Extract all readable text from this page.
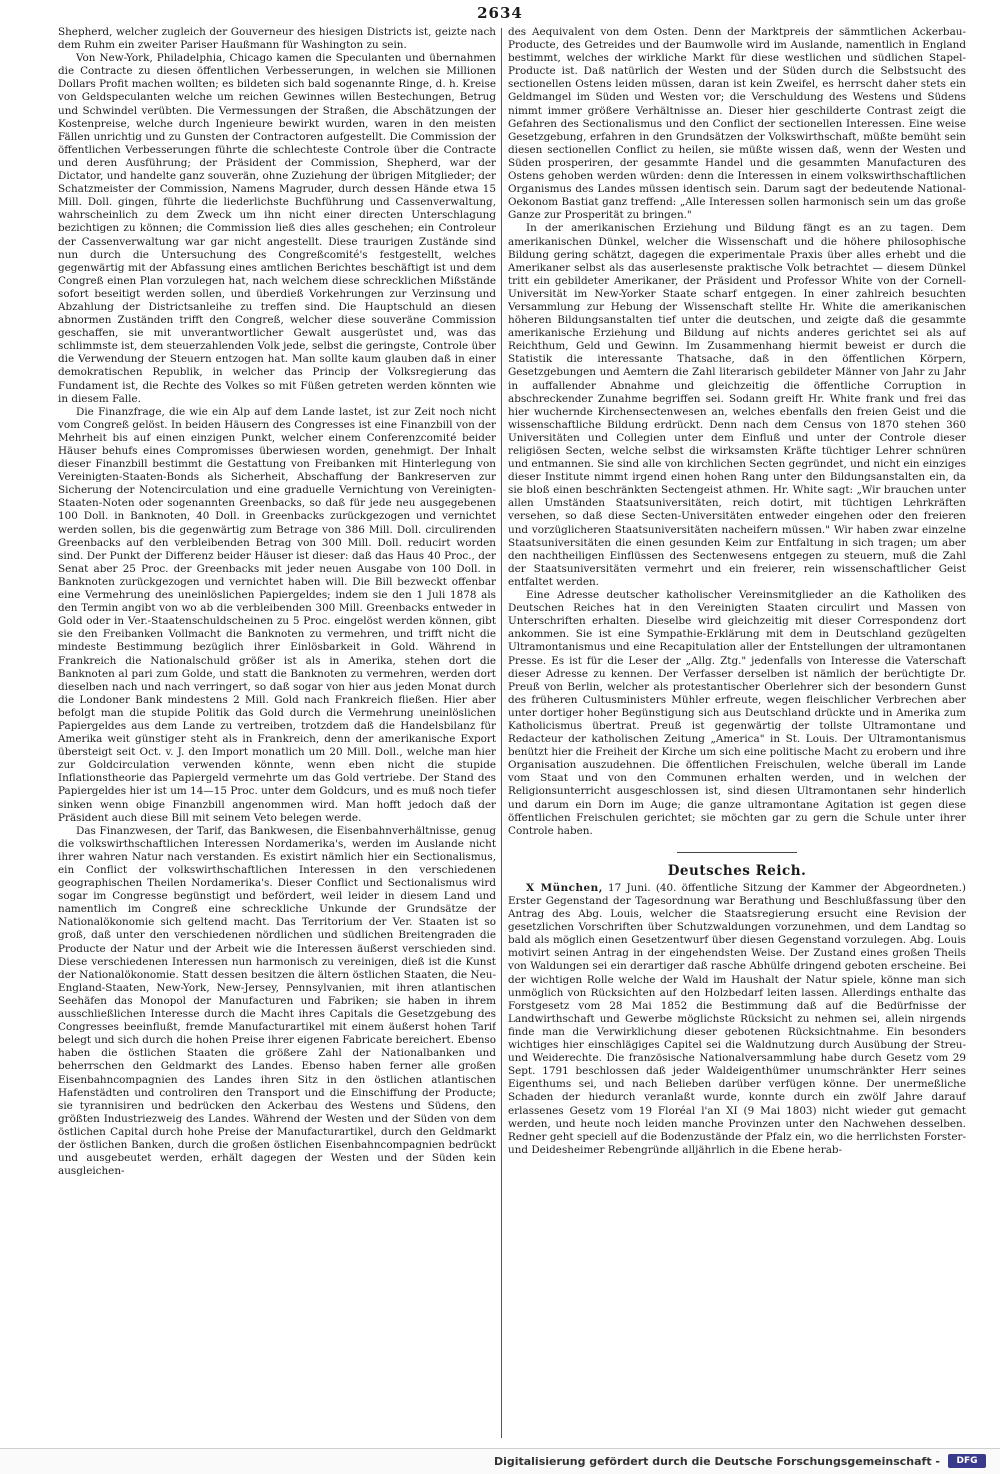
2634

Shepherd, welcher zugleich der Gouverneur des hiesigen Districts ist, geizte nach dem Ruhm ein zweiter Pariser Haußmann für Washington zu sein.

Von New-York, Philadelphia, Chicago kamen die Speculanten und übernahmen die Contracte zu diesen öffentlichen Verbesserungen, in welchen sie Millionen Dollars Profit machen wollten; es bildeten sich bald sogenannte Ringe, d. h. Kreise von Geldspeculanten welche um reichen Gewinnes willen Bestechungen, Betrug und Schwindel verübten. Die Vermessungen der Straßen, die Abschätzungen der Kostenpreise, welche durch Ingenieure bewirkt wurden, waren in den meisten Fällen unrichtig und zu Gunsten der Contractoren aufgestellt. Die Commission der öffentlichen Verbesserungen führte die schlechteste Controle über die Contracte und deren Ausführung; der Präsident der Commission, Shepherd, war der Dictator, und handelte ganz souverän, ohne Zuziehung der übrigen Mitglieder; der Schatzmeister der Commission, Namens Magruder, durch dessen Hände etwa 15 Mill. Doll. gingen, führte die liederlichste Buchführung und Cassenverwaltung, wahrscheinlich zu dem Zweck um ihn nicht einer directen Unterschlagung bezichtigen zu können; die Commission ließ dies alles geschehen; ein Controleur der Cassenverwaltung war gar nicht angestellt. Diese traurigen Zustände sind nun durch die Untersuchung des Congreßcomité's festgestellt, welches gegenwärtig mit der Abfassung eines amtlichen Berichtes beschäftigt ist und dem Congreß einen Plan vorzulegen hat, nach welchem diese schrecklichen Mißstände sofort beseitigt werden sollen, und überdieß Vorkehrungen zur Verzinsung und Abzahlung der Districtsanleihe zu treffen sind. Die Hauptschuld an diesen abnormen Zuständen trifft den Congreß, welcher diese souveräne Commission geschaffen, sie mit unverantwortlicher Gewalt ausgerüstet und, was das schlimmste ist, dem steuerzahlenden Volk jede, selbst die geringste, Controle über die Verwendung der Steuern entzogen hat. Man sollte kaum glauben daß in einer demokratischen Republik, in welcher das Princip der Volksregierung das Fundament ist, die Rechte des Volkes so mit Füßen getreten werden könnten wie in diesem Falle.

Die Finanzfrage, die wie ein Alp auf dem Lande lastet, ist zur Zeit noch nicht vom Congreß gelöst. In beiden Häusern des Congresses ist eine Finanzbill von der Mehrheit bis auf einen einzigen Punkt, welcher einem Conferenzcomité beider Häuser behufs eines Compromisses überwiesen worden, genehmigt. Der Inhalt dieser Finanzbill bestimmt die Gestattung von Freibanken mit Hinterlegung von Vereinigten-Staaten-Bonds als Sicherheit, Abschaffung der Bankreserven zur Sicherung der Notencirculation und eine graduelle Vernichtung von Vereinigten-Staaten-Noten oder sogenannten Greenbacks, so daß für jede neu ausgegebenen 100 Doll. in Banknoten, 40 Doll. in Greenbacks zurückgezogen und vernichtet werden sollen, bis die gegenwärtig zum Betrage von 386 Mill. Doll. circulirenden Greenbacks auf den verbleibenden Betrag von 300 Mill. Doll. reducirt worden sind. Der Punkt der Differenz beider Häuser ist dieser: daß das Haus 40 Proc., der Senat aber 25 Proc. der Greenbacks mit jeder neuen Ausgabe von 100 Doll. in Banknoten zurückgezogen und vernichtet haben will. Die Bill bezweckt offenbar eine Vermehrung des uneinlöslichen Papiergeldes; indem sie den 1 Juli 1878 als den Termin angibt von wo ab die verbleibenden 300 Mill. Greenbacks entweder in Gold oder in Ver.-Staatenschuldscheinen zu 5 Proc. eingelöst werden können, gibt sie den Freibanken Vollmacht die Banknoten zu vermehren, und trifft nicht die mindeste Bestimmung bezüglich ihrer Einlösbarkeit in Gold. Während in Frankreich die Nationalschuld größer ist als in Amerika, stehen dort die Banknoten al pari zum Golde, und statt die Banknoten zu vermehren, werden dort dieselben nach und nach verringert, so daß sogar von hier aus jeden Monat durch die Londoner Bank mindestens 2 Mill. Gold nach Frankreich fließen. Hier aber befolgt man die stupide Politik das Gold durch die Vermehrung uneinlöslichen Papiergeldes aus dem Lande zu vertreiben, trotzdem daß die Handelsbilanz für Amerika weit günstiger steht als in Frankreich, denn der amerikanische Export übersteigt seit Oct. v. J. den Import monatlich um 20 Mill. Doll., welche man hier zur Goldcirculation verwenden könnte, wenn eben nicht die stupide Inflationstheorie das Papiergeld vermehrte um das Gold vertriebe. Der Stand des Papiergeldes hier ist um 14—15 Proc. unter dem Goldcurs, und es muß noch tiefer sinken wenn obige Finanzbill angenommen wird. Man hofft jedoch daß der Präsident auch diese Bill mit seinem Veto belegen werde.

Das Finanzwesen, der Tarif, das Bankwesen, die Eisenbahnverhältnisse, genug die volkswirthschaftlichen Interessen Nordamerika's, werden im Auslande nicht ihrer wahren Natur nach verstanden. Es existirt nämlich hier ein Sectionalismus, ein Conflict der volkswirthschaftlichen Interessen in den verschiedenen geographischen Theilen Nordamerika's. Dieser Conflict und Sectionalismus wird sogar im Congresse begünstigt und befördert, weil leider in diesem Land und namentlich im Congreß eine schreckliche Unkunde der Grundsätze der Nationalökonomie sich geltend macht. Das Territorium der Ver. Staaten ist so groß, daß unter den verschiedenen nördlichen und südlichen Breitengraden die Producte der Natur und der Arbeit wie die Interessen äußerst verschieden sind. Diese verschiedenen Interessen nun harmonisch zu vereinigen, dieß ist die Kunst der Nationalökonomie. Statt dessen besitzen die ältern östlichen Staaten, die Neu-England-Staaten, New-York, New-Jersey, Pennsylvanien, mit ihren atlantischen Seehäfen das Monopol der Manufacturen und Fabriken; sie haben in ihrem ausschließlichen Interesse durch die Macht ihres Capitals die Gesetzgebung des Congresses beeinflußt, fremde Manufacturartikel mit einem äußerst hohen Tarif belegt und sich durch die hohen Preise ihrer eigenen Fabricate bereichert. Ebenso haben die östlichen Staaten die größere Zahl der Nationalbanken und beherrschen den Geldmarkt des Landes. Ebenso haben ferner alle großen Eisenbahncompagnien des Landes ihren Sitz in den östlichen atlantischen Hafenstädten und controliren den Transport und die Einschiffung der Producte; sie tyrannisiren und bedrücken den Ackerbau des Westens und Südens, den größten Industriezweig des Landes. Während der Westen und der Süden von dem östlichen Capital durch hohe Preise der Manufacturartikel, durch den Geldmarkt der östlichen Banken, durch die großen östlichen Eisenbahncompagnien bedrückt und ausgebeutet werden, erhält dagegen der Westen und der Süden kein ausgleichen-

des Aequivalent von dem Osten. Denn der Marktpreis der sämmtlichen Ackerbau-Producte, des Getreides und der Baumwolle wird im Auslande, namentlich in England bestimmt, welches der wirkliche Markt für diese westlichen und südlichen Stapel-Producte ist. Daß natürlich der Westen und der Süden durch die Selbstsucht des sectionellen Ostens leiden müssen, daran ist kein Zweifel, es herrscht daher stets ein Geldmangel im Süden und Westen vor; die Verschuldung des Westens und Südens nimmt immer größere Verhältnisse an. Dieser hier geschilderte Contrast zeigt die Gefahren des Sectionalismus und den Conflict der sectionellen Interessen. Eine weise Gesetzgebung, erfahren in den Grundsätzen der Volkswirthschaft, müßte bemüht sein diesen sectionellen Conflict zu heilen, sie müßte wissen daß, wenn der Westen und Süden prosperiren, der gesammte Handel und die gesammten Manufacturen des Ostens gehoben werden würden: denn die Interessen in einem volkswirthschaftlichen Organismus des Landes müssen identisch sein. Darum sagt der bedeutende National-Oekonom Bastiat ganz treffend: „Alle Interessen sollen harmonisch sein um das große Ganze zur Prosperität zu bringen."

In der amerikanischen Erziehung und Bildung fängt es an zu tagen. Dem amerikanischen Dünkel, welcher die Wissenschaft und die höhere philosophische Bildung gering schätzt, dagegen die experimentale Praxis über alles erhebt und die Amerikaner selbst als das auserlesenste praktische Volk betrachtet — diesem Dünkel tritt ein gebildeter Amerikaner, der Präsident und Professor White von der Cornell-Universität im New-Yorker Staate scharf entgegen. In einer zahlreich besuchten Versammlung zur Hebung der Wissenschaft stellte Hr. White die amerikanischen höheren Bildungsanstalten tief unter die deutschen, und zeigte daß die gesammte amerikanische Erziehung und Bildung auf nichts anderes gerichtet sei als auf Reichthum, Geld und Gewinn. Im Zusammenhang hiermit beweist er durch die Statistik die interessante Thatsache, daß in den öffentlichen Körpern, Gesetzgebungen und Aemtern die Zahl literarisch gebildeter Männer von Jahr zu Jahr in auffallender Abnahme und gleichzeitig die öffentliche Corruption in abschreckender Zunahme begriffen sei. Sodann greift Hr. White frank und frei das hier wuchernde Kirchensectenwesen an, welches ebenfalls den freien Geist und die wissenschaftliche Bildung erdrückt. Denn nach dem Census von 1870 stehen 360 Universitäten und Collegien unter dem Einfluß und unter der Controle dieser religiösen Secten, welche selbst die wirksamsten Kräfte tüchtiger Lehrer schnüren und entmannen. Sie sind alle von kirchlichen Secten gegründet, und nicht ein einziges dieser Institute nimmt irgend einen hohen Rang unter den Bildungsanstalten ein, da sie bloß einen beschränkten Sectengeist athmen. Hr. White sagt: „Wir brauchen unter allen Umständen Staatsuniversitäten, reich dotirt, mit tüchtigen Lehrkräften versehen, so daß diese Secten-Universitäten entweder eingehen oder den freieren und vorzüglicheren Staatsuniversitäten nacheifern müssen." Wir haben zwar einzelne Staatsuniversitäten die einen gesunden Keim zur Entfaltung in sich tragen; um aber den nachtheiligen Einflüssen des Sectenwesens entgegen zu steuern, muß die Zahl der Staatsuniversitäten vermehrt und ein freierer, rein wissenschaftlicher Geist entfaltet werden.

Eine Adresse deutscher katholischer Vereinsmitglieder an die Katholiken des Deutschen Reiches hat in den Vereinigten Staaten circulirt und Massen von Unterschriften erhalten. Dieselbe wird gleichzeitig mit dieser Correspondenz dort ankommen. Sie ist eine Sympathie-Erklärung mit dem in Deutschland gezügelten Ultramontanismus und eine Recapitulation aller der Entstellungen der ultramontanen Presse. Es ist für die Leser der „Allg. Ztg." jedenfalls von Interesse die Vaterschaft dieser Adresse zu kennen. Der Verfasser derselben ist nämlich der berüchtigte Dr. Preuß von Berlin, welcher als protestantischer Oberlehrer sich der besondern Gunst des früheren Cultusministers Mühler erfreute, wegen fleischlicher Verbrechen aber unter dortiger hoher Begünstigung sich aus Deutschland drückte und in Amerika zum Katholicismus übertrat. Preuß ist gegenwärtig der tollste Ultramontane und Redacteur der katholischen Zeitung „America" in St. Louis. Der Ultramontanismus benützt hier die Freiheit der Kirche um sich eine politische Macht zu erobern und ihre Organisation auszudehnen. Die öffentlichen Freischulen, welche überall im Lande vom Staat und von den Communen erhalten werden, und in welchen der Religionsunterricht ausgeschlossen ist, sind diesen Ultramontanen sehr hinderlich und darum ein Dorn im Auge; die ganze ultramontane Agitation ist gegen diese öffentlichen Freischulen gerichtet; sie möchten gar zu gern die Schule unter ihrer Controle haben.

Deutsches Reich.

X München, 17 Juni. (40. öffentliche Sitzung der Kammer der Abgeordneten.) Erster Gegenstand der Tagesordnung war Berathung und Beschlußfassung über den Antrag des Abg. Louis, welcher die Staatsregierung ersucht eine Revision der gesetzlichen Vorschriften über Schutzwaldungen vorzunehmen, und dem Landtag so bald als möglich einen Gesetzentwurf über diesen Gegenstand vorzulegen. Abg. Louis motivirt seinen Antrag in der eingehendsten Weise. Der Zustand eines großen Theils von Waldungen sei ein derartiger daß rasche Abhülfe dringend geboten erscheine. Bei der wichtigen Rolle welche der Wald im Haushalt der Natur spiele, könne man sich unmöglich von Rücksichten auf den Holzbedarf leiten lassen. Allerdings enthalte das Forstgesetz vom 28 Mai 1852 die Bestimmung daß auf die Bedürfnisse der Landwirthschaft und Gewerbe möglichste Rücksicht zu nehmen sei, allein nirgends finde man die Verwirklichung dieser gebotenen Rücksichtnahme. Ein besonders wichtiges hier einschlägiges Capitel sei die Waldnutzung durch Ausübung der Streu- und Weiderechte. Die französische Nationalversammlung habe durch Gesetz vom 29 Sept. 1791 beschlossen daß jeder Waldeigenthümer unumschränkter Herr seines Eigenthums sei, und nach Belieben darüber verfügen könne. Der unermeßliche Schaden der hiedurch veranlaßt wurde, konnte durch ein zwölf Jahre darauf erlassenes Gesetz vom 19 Floréal l'an XI (9 Mai 1803) nicht wieder gut gemacht werden, und heute noch leiden manche Provinzen unter den Nachwehen desselben. Redner geht speciell auf die Bodenzustände der Pfalz ein, wo die herrlichsten Forster- und Deidesheimer Rebengründe alljährlich in die Ebene herab-

Digitalisierung gefördert durch die Deutsche Forschungsgemeinschaft -	DFG
